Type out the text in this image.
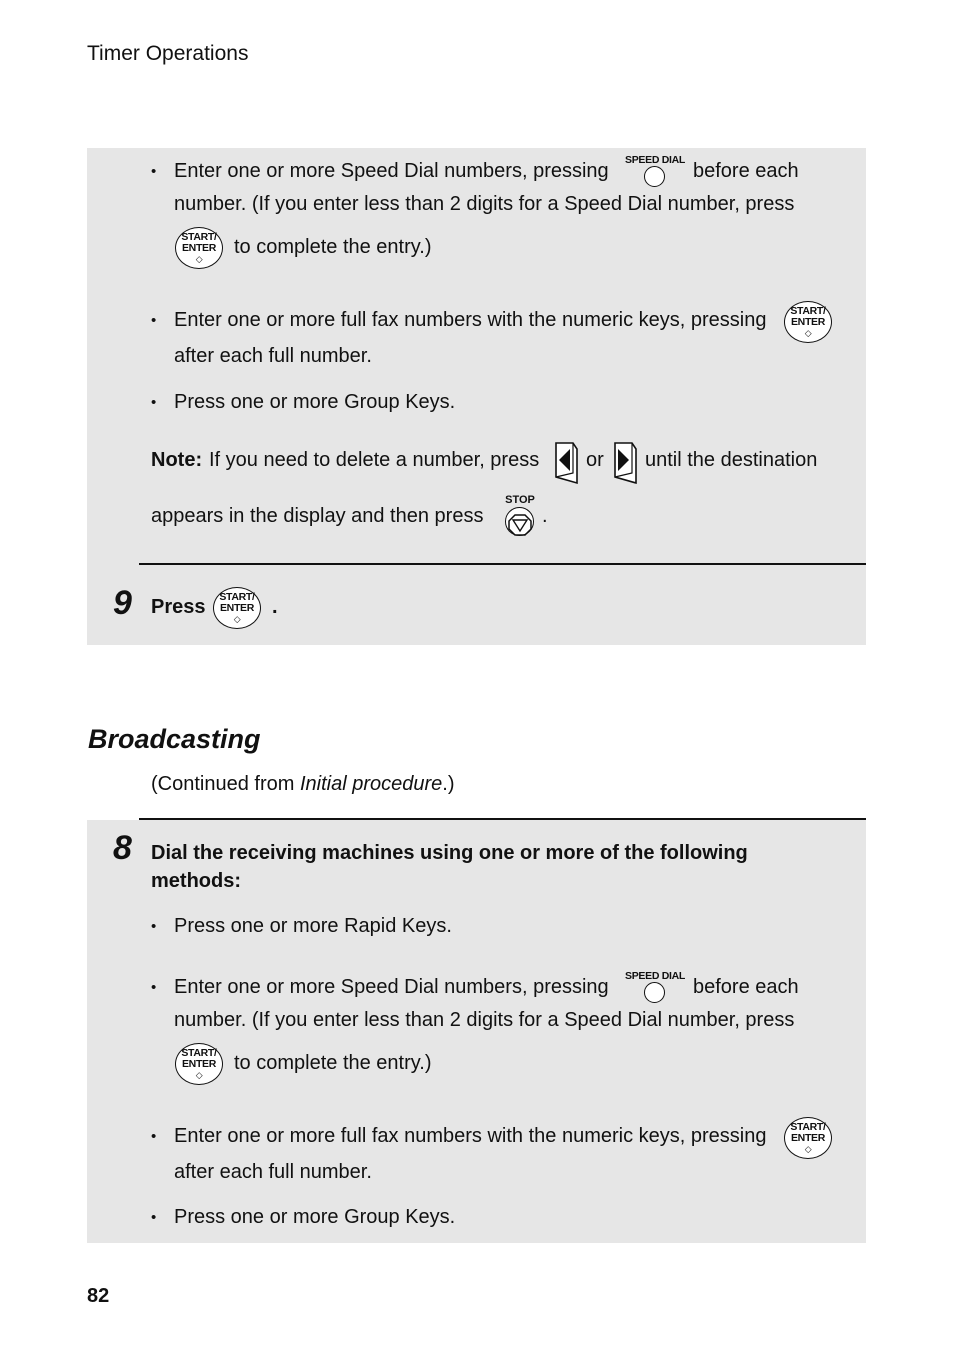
Timer Operations
• Enter one or more Speed Dial numbers, pressing SPEED DIAL before each
number. (If you enter less than 2 digits for a Speed Dial number, press
START/
ENTER
◇
to complete the entry.)
• Enter one or more full fax numbers with the numeric keys, pressing START/
ENTER
◇
after each full number.
• Press one or more Group Keys.
Note: If you need to delete a number, press or until the destination
appears in the display and then press
STOP
.
9 Press START/
ENTER
◇
.
Broadcasting
(Continued from Initial procedure.)
8 Dial the receiving machines using one or more of the following
methods:
• Press one or more Rapid Keys.
• Enter one or more Speed Dial numbers, pressing SPEED DIAL before each
number. (If you enter less than 2 digits for a Speed Dial number, press
START/
ENTER
◇
to complete the entry.)
• Enter one or more full fax numbers with the numeric keys, pressing START/
ENTER
◇
after each full number.
• Press one or more Group Keys.
82
